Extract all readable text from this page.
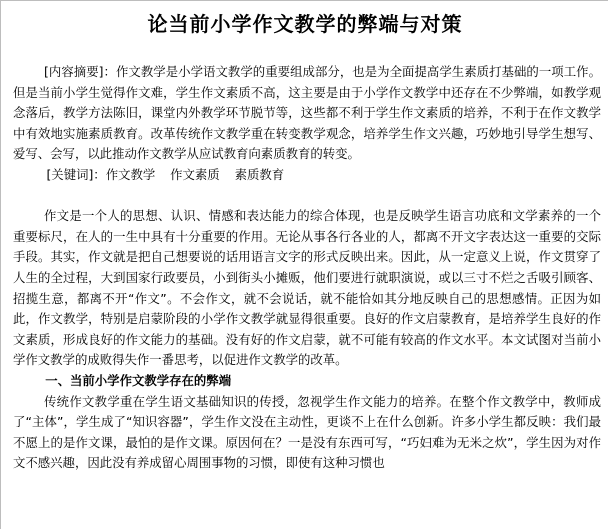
论当前小学作文教学的弊端与对策

[内容摘要]：作文教学是小学语文教学的重要组成部分，也是为全面提高学生素质打基础的一项工作。但是当前小学生觉得作文难，学生作文素质不高，这主要是由于小学作文教学中还存在不少弊端，如教学观念落后，教学方法陈旧，课堂内外教学环节脱节等，这些都不利于学生作文素质的培养，不利于在作文教学中有效地实施素质教育。改革传统作文教学重在转变教学观念，培养学生作文兴趣，巧妙地引导学生想写、爱写、会写，以此推动作文教学从应试教育向素质教育的转变。

[关键词]：作文教学 作文素质 素质教育

作文是一个人的思想、认识、情感和表达能力的综合体现，也是反映学生语言功底和文学素养的一个重要标尺，在人的一生中具有十分重要的作用。无论从事各行各业的人，都离不开文字表达这一重要的交际手段。其实，作文就是把自己想要说的话用语言文字的形式反映出来。因此，从一定意义上说，作文贯穿了人生的全过程，大到国家行政要员，小到街头小摊贩，他们要进行就职演说，或以三寸不烂之舌吸引顾客、招揽生意，都离不开“作文”。不会作文，就不会说话，就不能恰如其分地反映自己的思想感情。正因为如此，作文教学，特别是启蒙阶段的小学作文教学就显得很重要。良好的作文启蒙教育，是培养学生良好的作文素质，形成良好的作文能力的基础。没有好的作文启蒙，就不可能有较高的作文水平。本文试图对当前小学作文教学的成败得失作一番思考，以促进作文教学的改革。

一、当前小学作文教学存在的弊端

传统作文教学重在学生语文基础知识的传授，忽视学生作文能力的培养。在整个作文教学中，教师成了“主体”，学生成了“知识容器”，学生作文没在主动性，更谈不上在什么创新。许多小学生都反映：我们最不愿上的是作文课，最怕的是作文课。原因何在？一是没有东西可写，“巧妇难为无米之炊”，学生因为对作文不感兴趣，因此没有养成留心周围事物的习惯，即使有这种习惯也
